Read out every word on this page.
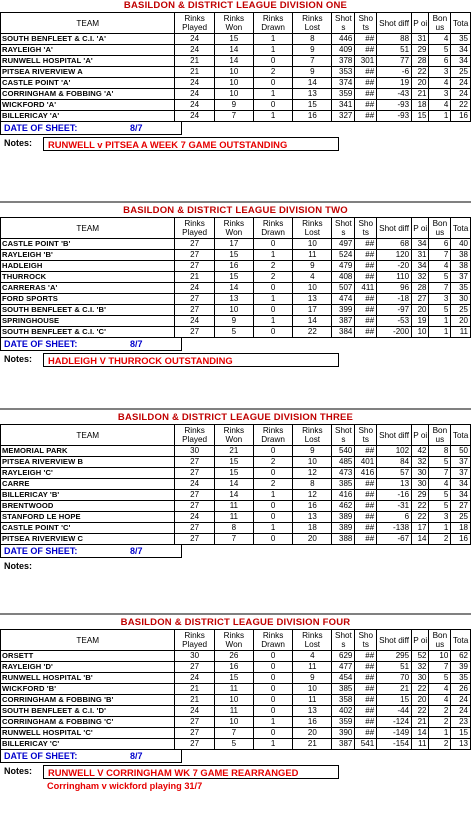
BASILDON & DISTRICT LEAGUE DIVISION ONE
TEAM	Rinks Played	Rinks Won	Rinks Drawn	Rinks Lost	Shot s	Sho ts	Shot diff	P oi	Bon us	Tota
SOUTH BENFLEET & C.I. 'A'	24	15	1	8	446	##	88	31	4	35
RAYLEIGH 'A'	24	14	1	9	409	##	51	29	5	34
RUNWELL HOSPITAL 'A'	21	14	0	7	378	301	77	28	6	34
PITSEA RIVERVIEW A	21	10	2	9	353	##	-6	22	3	25
CASTLE POINT 'A'	24	10	0	14	374	##	19	20	4	24
CORRINGHAM & FOBBING 'A'	24	10	1	13	359	##	-43	21	3	24
WICKFORD 'A'	24	9	0	15	341	##	-93	18	4	22
BILLERICAY 'A'	24	7	1	16	327	##	-93	15	1	16
DATE OF SHEET:	8/7
Notes:	RUNWELL v PITSEA A WEEK 7 GAME OUTSTANDING
BASILDON & DISTRICT LEAGUE DIVISION TWO
TEAM	Rinks Played	Rinks Won	Rinks Drawn	Rinks Lost	Shot s	Sho ts	Shot diff	P oi	Bon us	Tota
CASTLE POINT 'B'	27	17	0	10	497	##	68	34	6	40
RAYLEIGH 'B'	27	15	1	11	524	##	120	31	7	38
HADLEIGH	27	16	2	9	479	##	-20	34	4	38
THURROCK	21	15	2	4	408	##	110	32	5	37
CARRERAS 'A'	24	14	0	10	507	411	96	28	7	35
FORD SPORTS	27	13	1	13	474	##	-18	27	3	30
SOUTH BENFLEET & C.I. 'B'	27	10	0	17	399	##	-97	20	5	25
SPRINGHOUSE	24	9	1	14	387	##	-53	19	1	20
SOUTH BENFLEET & C.I. 'C'	27	5	0	22	384	##	-200	10	1	11
DATE OF SHEET:	8/7
Notes:	HADLEIGH V THURROCK OUTSTANDING
BASILDON & DISTRICT LEAGUE DIVISION THREE
TEAM	Rinks Played	Rinks Won	Rinks Drawn	Rinks Lost	Shot s	Sho ts	Shot diff	P oi	Bon us	Tota
MEMORIAL PARK	30	21	0	9	540	##	102	42	8	50
PITSEA RIVERVIEW B	27	15	2	10	485	401	84	32	5	37
RAYLEIGH 'C'	27	15	0	12	473	416	57	30	7	37
CARRE	24	14	2	8	385	##	13	30	4	34
BILLERICAY 'B'	27	14	1	12	416	##	-16	29	5	34
BRENTWOOD	27	11	0	16	462	##	-31	22	5	27
STANFORD LE HOPE	24	11	0	13	389	##	6	22	3	25
CASTLE POINT 'C'	27	8	1	18	389	##	-138	17	1	18
PITSEA RIVERVIEW C	27	7	0	20	388	##	-67	14	2	16
DATE OF SHEET:	8/7
Notes:
BASILDON & DISTRICT LEAGUE DIVISION FOUR
TEAM	Rinks Played	Rinks Won	Rinks Drawn	Rinks Lost	Shot s	Sho ts	Shot diff	P oi	Bon us	Tota
ORSETT	30	26	0	4	629	##	295	52	10	62
RAYLEIGH 'D'	27	16	0	11	477	##	51	32	7	39
RUNWELL HOSPITAL 'B'	24	15	0	9	454	##	70	30	5	35
WICKFORD 'B'	21	11	0	10	385	##	21	22	4	26
CORRINGHAM & FOBBING 'B'	21	10	0	11	358	##	15	20	4	24
SOUTH BENFLEET & C.I. 'D'	24	11	0	13	402	##	-44	22	2	24
CORRINGHAM & FOBBING 'C'	27	10	1	16	359	##	-124	21	2	23
RUNWELL HOSPITAL 'C'	27	7	0	20	390	##	-149	14	1	15
BILLERICAY 'C'	27	5	1	21	387	541	-154	11	2	13
DATE OF SHEET:	8/7
Notes:	RUNWELL V CORRINGHAM WK 7 GAME REARRANGED
Corringham v wickford playing 31/7
